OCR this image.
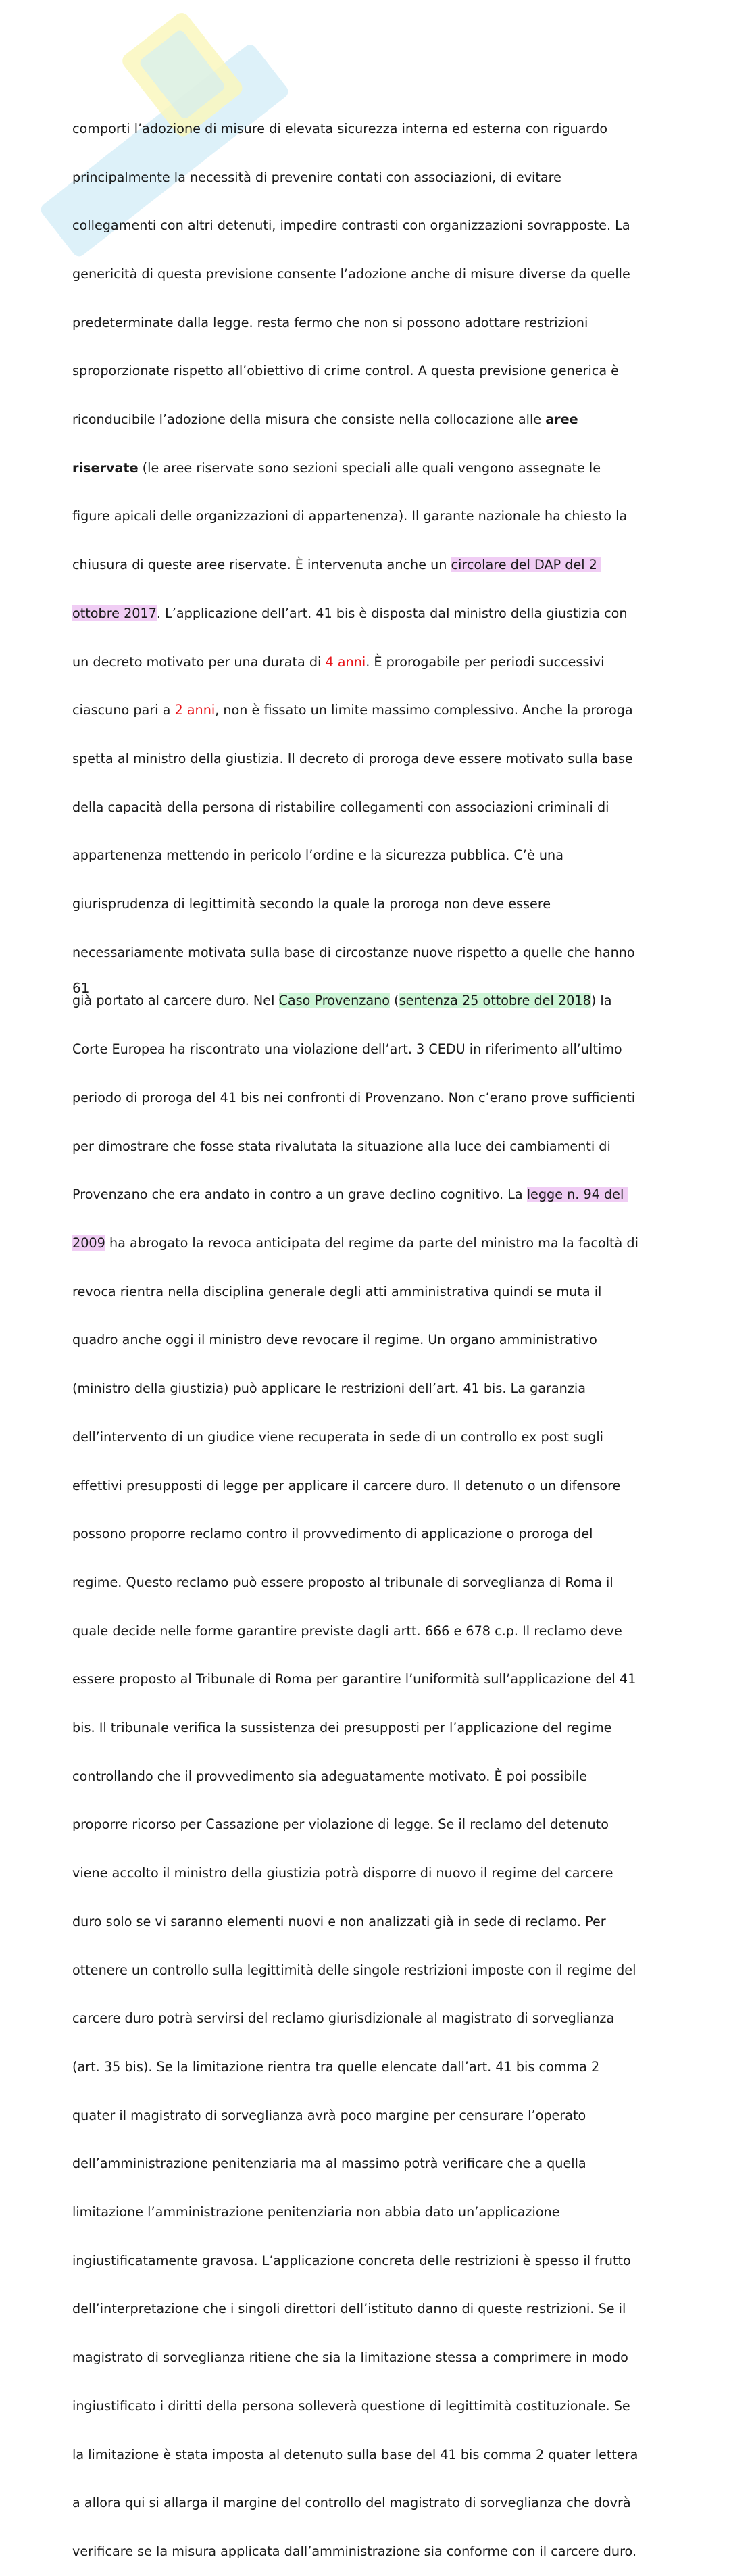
comporti l’adozione di misure di elevata sicurezza interna ed esterna con riguardo

principalmente la necessità di prevenire contati con associazioni, di evitare

collegamenti con altri detenuti, impedire contrasti con organizzazioni sovrapposte. La

genericità di questa previsione consente l’adozione anche di misure diverse da quelle

predeterminate dalla legge. resta fermo che non si possono adottare restrizioni

sproporzionate rispetto all’obiettivo di crime control. A questa previsione generica è

riconducibile l’adozione della misura che consiste nella collocazione alle aree

riservate (le aree riservate sono sezioni speciali alle quali vengono assegnate le

figure apicali delle organizzazioni di appartenenza). Il garante nazionale ha chiesto la

chiusura di queste aree riservate. È intervenuta anche un circolare del DAP del 2

ottobre 2017. L’applicazione dell’art. 41 bis è disposta dal ministro della giustizia con

un decreto motivato per una durata di 4 anni. È prorogabile per periodi successivi

ciascuno pari a 2 anni, non è fissato un limite massimo complessivo. Anche la proroga

spetta al ministro della giustizia. Il decreto di proroga deve essere motivato sulla base

della capacità della persona di ristabilire collegamenti con associazioni criminali di

appartenenza mettendo in pericolo l’ordine e la sicurezza pubblica. C’è una

giurisprudenza di legittimità secondo la quale la proroga non deve essere

necessariamente motivata sulla base di circostanze nuove rispetto a quelle che hanno

già portato al carcere duro. Nel Caso Provenzano (sentenza 25 ottobre del 2018) la

Corte Europea ha riscontrato una violazione dell’art. 3 CEDU in riferimento all’ultimo

periodo di proroga del 41 bis nei confronti di Provenzano. Non c’erano prove sufficienti

per dimostrare che fosse stata rivalutata la situazione alla luce dei cambiamenti di

Provenzano che era andato in contro a un grave declino cognitivo. La legge n. 94 del

2009 ha abrogato la revoca anticipata del regime da parte del ministro ma la facoltà di

revoca rientra nella disciplina generale degli atti amministrativa quindi se muta il

quadro anche oggi il ministro deve revocare il regime. Un organo amministrativo

(ministro della giustizia) può applicare le restrizioni dell’art. 41 bis. La garanzia

dell’intervento di un giudice viene recuperata in sede di un controllo ex post sugli

effettivi presupposti di legge per applicare il carcere duro. Il detenuto o un difensore

possono proporre reclamo contro il provvedimento di applicazione o proroga del

regime. Questo reclamo può essere proposto al tribunale di sorveglianza di Roma il

quale decide nelle forme garantire previste dagli artt. 666 e 678 c.p. Il reclamo deve

essere proposto al Tribunale di Roma per garantire l’uniformità sull’applicazione del 41

bis. Il tribunale verifica la sussistenza dei presupposti per l’applicazione del regime

controllando che il provvedimento sia adeguatamente motivato. È poi possibile

proporre ricorso per Cassazione per violazione di legge. Se il reclamo del detenuto

viene accolto il ministro della giustizia potrà disporre di nuovo il regime del carcere

duro solo se vi saranno elementi nuovi e non analizzati già in sede di reclamo. Per

ottenere un controllo sulla legittimità delle singole restrizioni imposte con il regime del

carcere duro potrà servirsi del reclamo giurisdizionale al magistrato di sorveglianza

(art. 35 bis). Se la limitazione rientra tra quelle elencate dall’art. 41 bis comma 2

quater il magistrato di sorveglianza avrà poco margine per censurare l’operato

dell’amministrazione penitenziaria ma al massimo potrà verificare che a quella

limitazione l’amministrazione penitenziaria non abbia dato un’applicazione

ingiustificatamente gravosa. L’applicazione concreta delle restrizioni è spesso il frutto

dell’interpretazione che i singoli direttori dell’istituto danno di queste restrizioni. Se il

magistrato di sorveglianza ritiene che sia la limitazione stessa a comprimere in modo

ingiustificato i diritti della persona solleverà questione di legittimità costituzionale. Se

la limitazione è stata imposta al detenuto sulla base del 41 bis comma 2 quater lettera

a allora qui si allarga il margine del controllo del magistrato di sorveglianza che dovrà

verificare se la misura applicata dall’amministrazione sia conforme con il carcere duro.

61
